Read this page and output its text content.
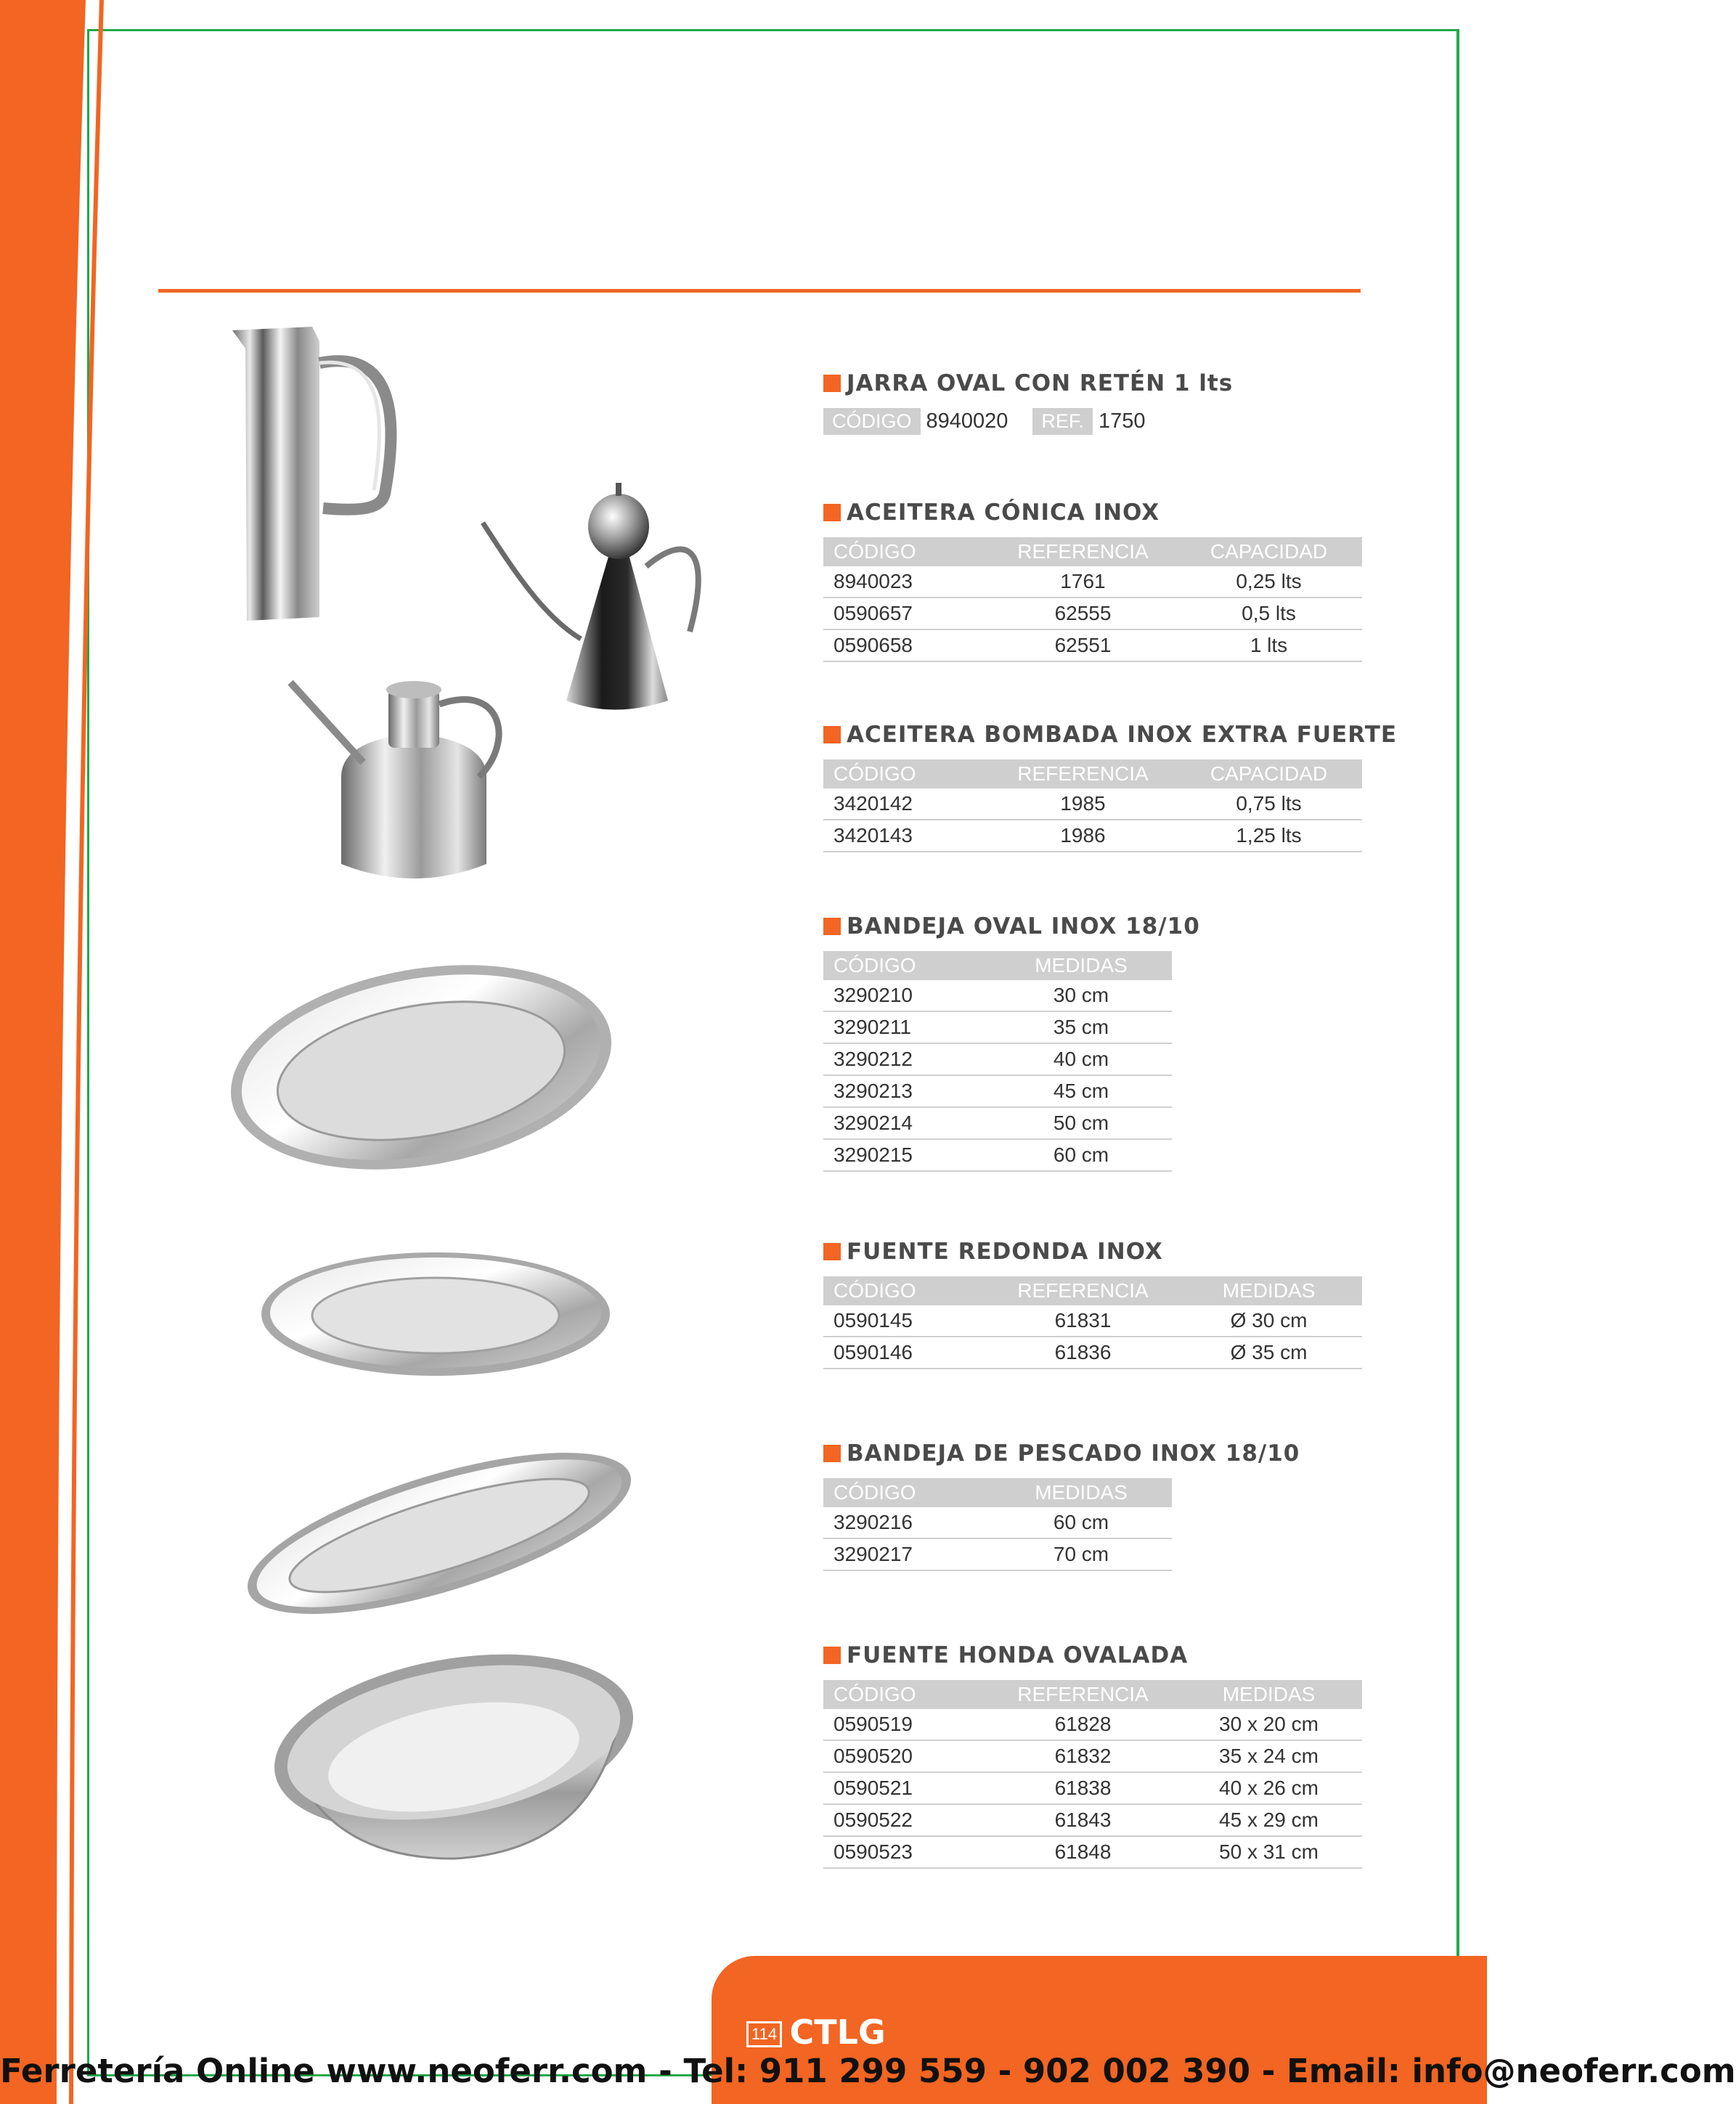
JARRA OVAL CON RETÉN 1 lts
CÓDIGO 8940020 REF. 1750
ACEITERA CÓNICA INOX
CÓDIGO	REFERENCIA	CAPACIDAD
8940023	1761	0,25 lts
0590657	62555	0,5 lts
0590658	62551	1 lts
ACEITERA BOMBADA INOX EXTRA FUERTE
CÓDIGO	REFERENCIA	CAPACIDAD
3420142	1985	0,75 lts
3420143	1986	1,25 lts
BANDEJA OVAL INOX 18/10
CÓDIGO	MEDIDAS
3290210	30 cm
3290211	35 cm
3290212	40 cm
3290213	45 cm
3290214	50 cm
3290215	60 cm
FUENTE REDONDA INOX
CÓDIGO	REFERENCIA	MEDIDAS
0590145	61831	Ø 30 cm
0590146	61836	Ø 35 cm
BANDEJA DE PESCADO INOX 18/10
CÓDIGO	MEDIDAS
3290216	60 cm
3290217	70 cm
FUENTE HONDA OVALADA
CÓDIGO	REFERENCIA	MEDIDAS
0590519	61828	30 x 20 cm
0590520	61832	35 x 24 cm
0590521	61838	40 x 26 cm
0590522	61843	45 x 29 cm
0590523	61848	50 x 31 cm
114 CTLG
Ferretería Online www.neoferr.com - Tel: 911 299 559 - 902 002 390 - Email: info@neoferr.com
